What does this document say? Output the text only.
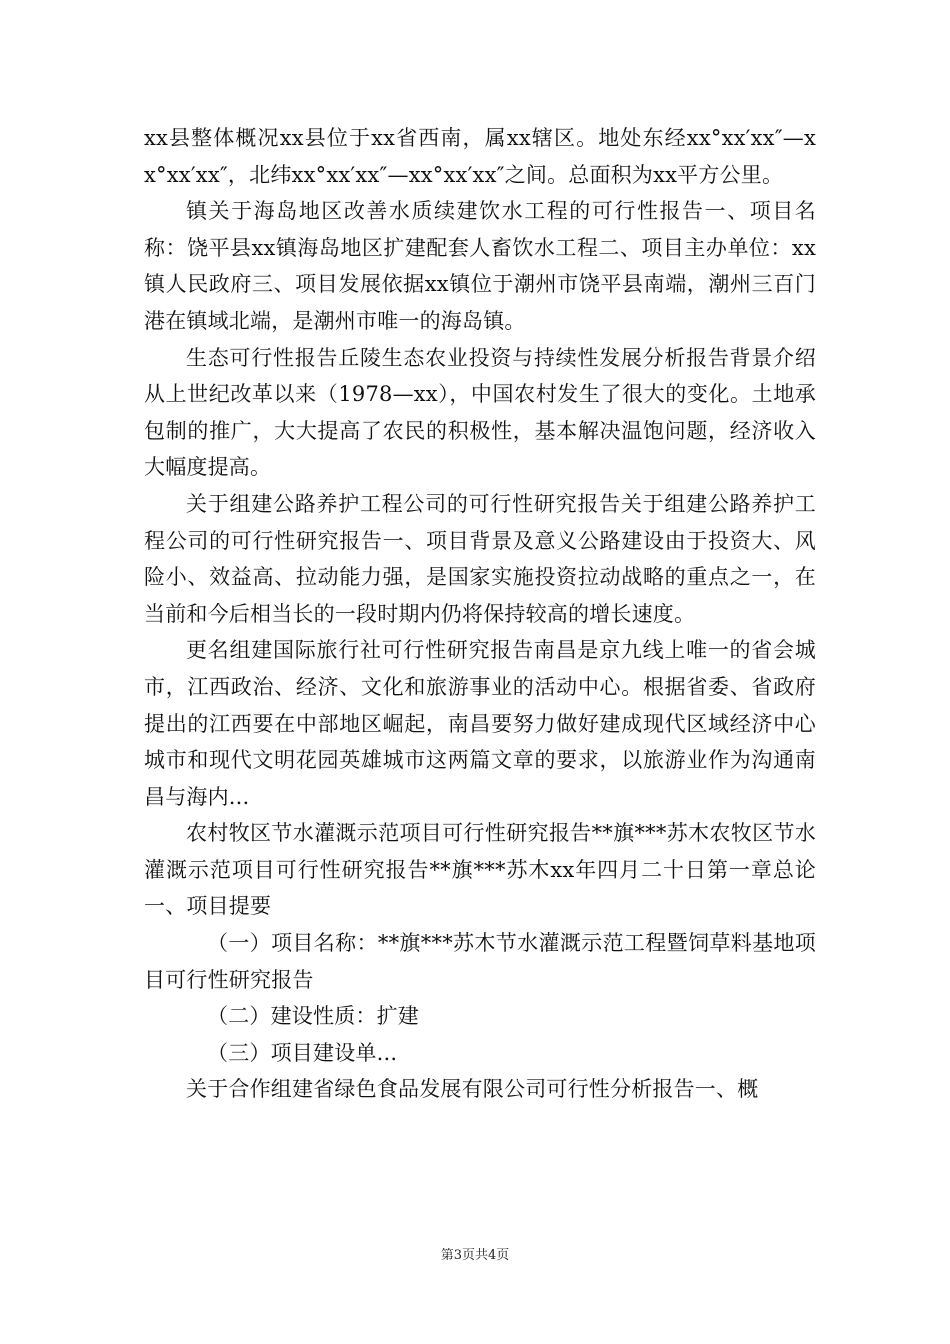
xx县整体概况xx县位于xx省西南，属xx辖区。地处东经xx°xx′xx″—xx°xx′xx″，北纬xx°xx′xx″—xx°xx′xx″之间。总面积为xx平方公里。

镇关于海岛地区改善水质续建饮水工程的可行性报告一、项目名称：饶平县xx镇海岛地区扩建配套人畜饮水工程二、项目主办单位：xx镇人民政府三、项目发展依据xx镇位于潮州市饶平县南端，潮州三百门港在镇域北端，是潮州市唯一的海岛镇。

生态可行性报告丘陵生态农业投资与持续性发展分析报告背景介绍从上世纪改革以来（1978—xx），中国农村发生了很大的变化。土地承包制的推广，大大提高了农民的积极性，基本解决温饱问题，经济收入大幅度提高。

关于组建公路养护工程公司的可行性研究报告关于组建公路养护工程公司的可行性研究报告一、项目背景及意义公路建设由于投资大、风险小、效益高、拉动能力强，是国家实施投资拉动战略的重点之一，在当前和今后相当长的一段时期内仍将保持较高的增长速度。

更名组建国际旅行社可行性研究报告南昌是京九线上唯一的省会城市，江西政治、经济、文化和旅游事业的活动中心。根据省委、省政府提出的江西要在中部地区崛起，南昌要努力做好建成现代区域经济中心城市和现代文明花园英雄城市这两篇文章的要求，以旅游业作为沟通南昌与海内...

农村牧区节水灌溉示范项目可行性研究报告**旗***苏木农牧区节水灌溉示范项目可行性研究报告**旗***苏木xx年四月二十日第一章总论一、项目提要

（一）项目名称：**旗***苏木节水灌溉示范工程暨饲草料基地项目可行性研究报告

（二）建设性质：扩建

（三）项目建设单...

关于合作组建省绿色食品发展有限公司可行性分析报告一、概

第3页共4页
